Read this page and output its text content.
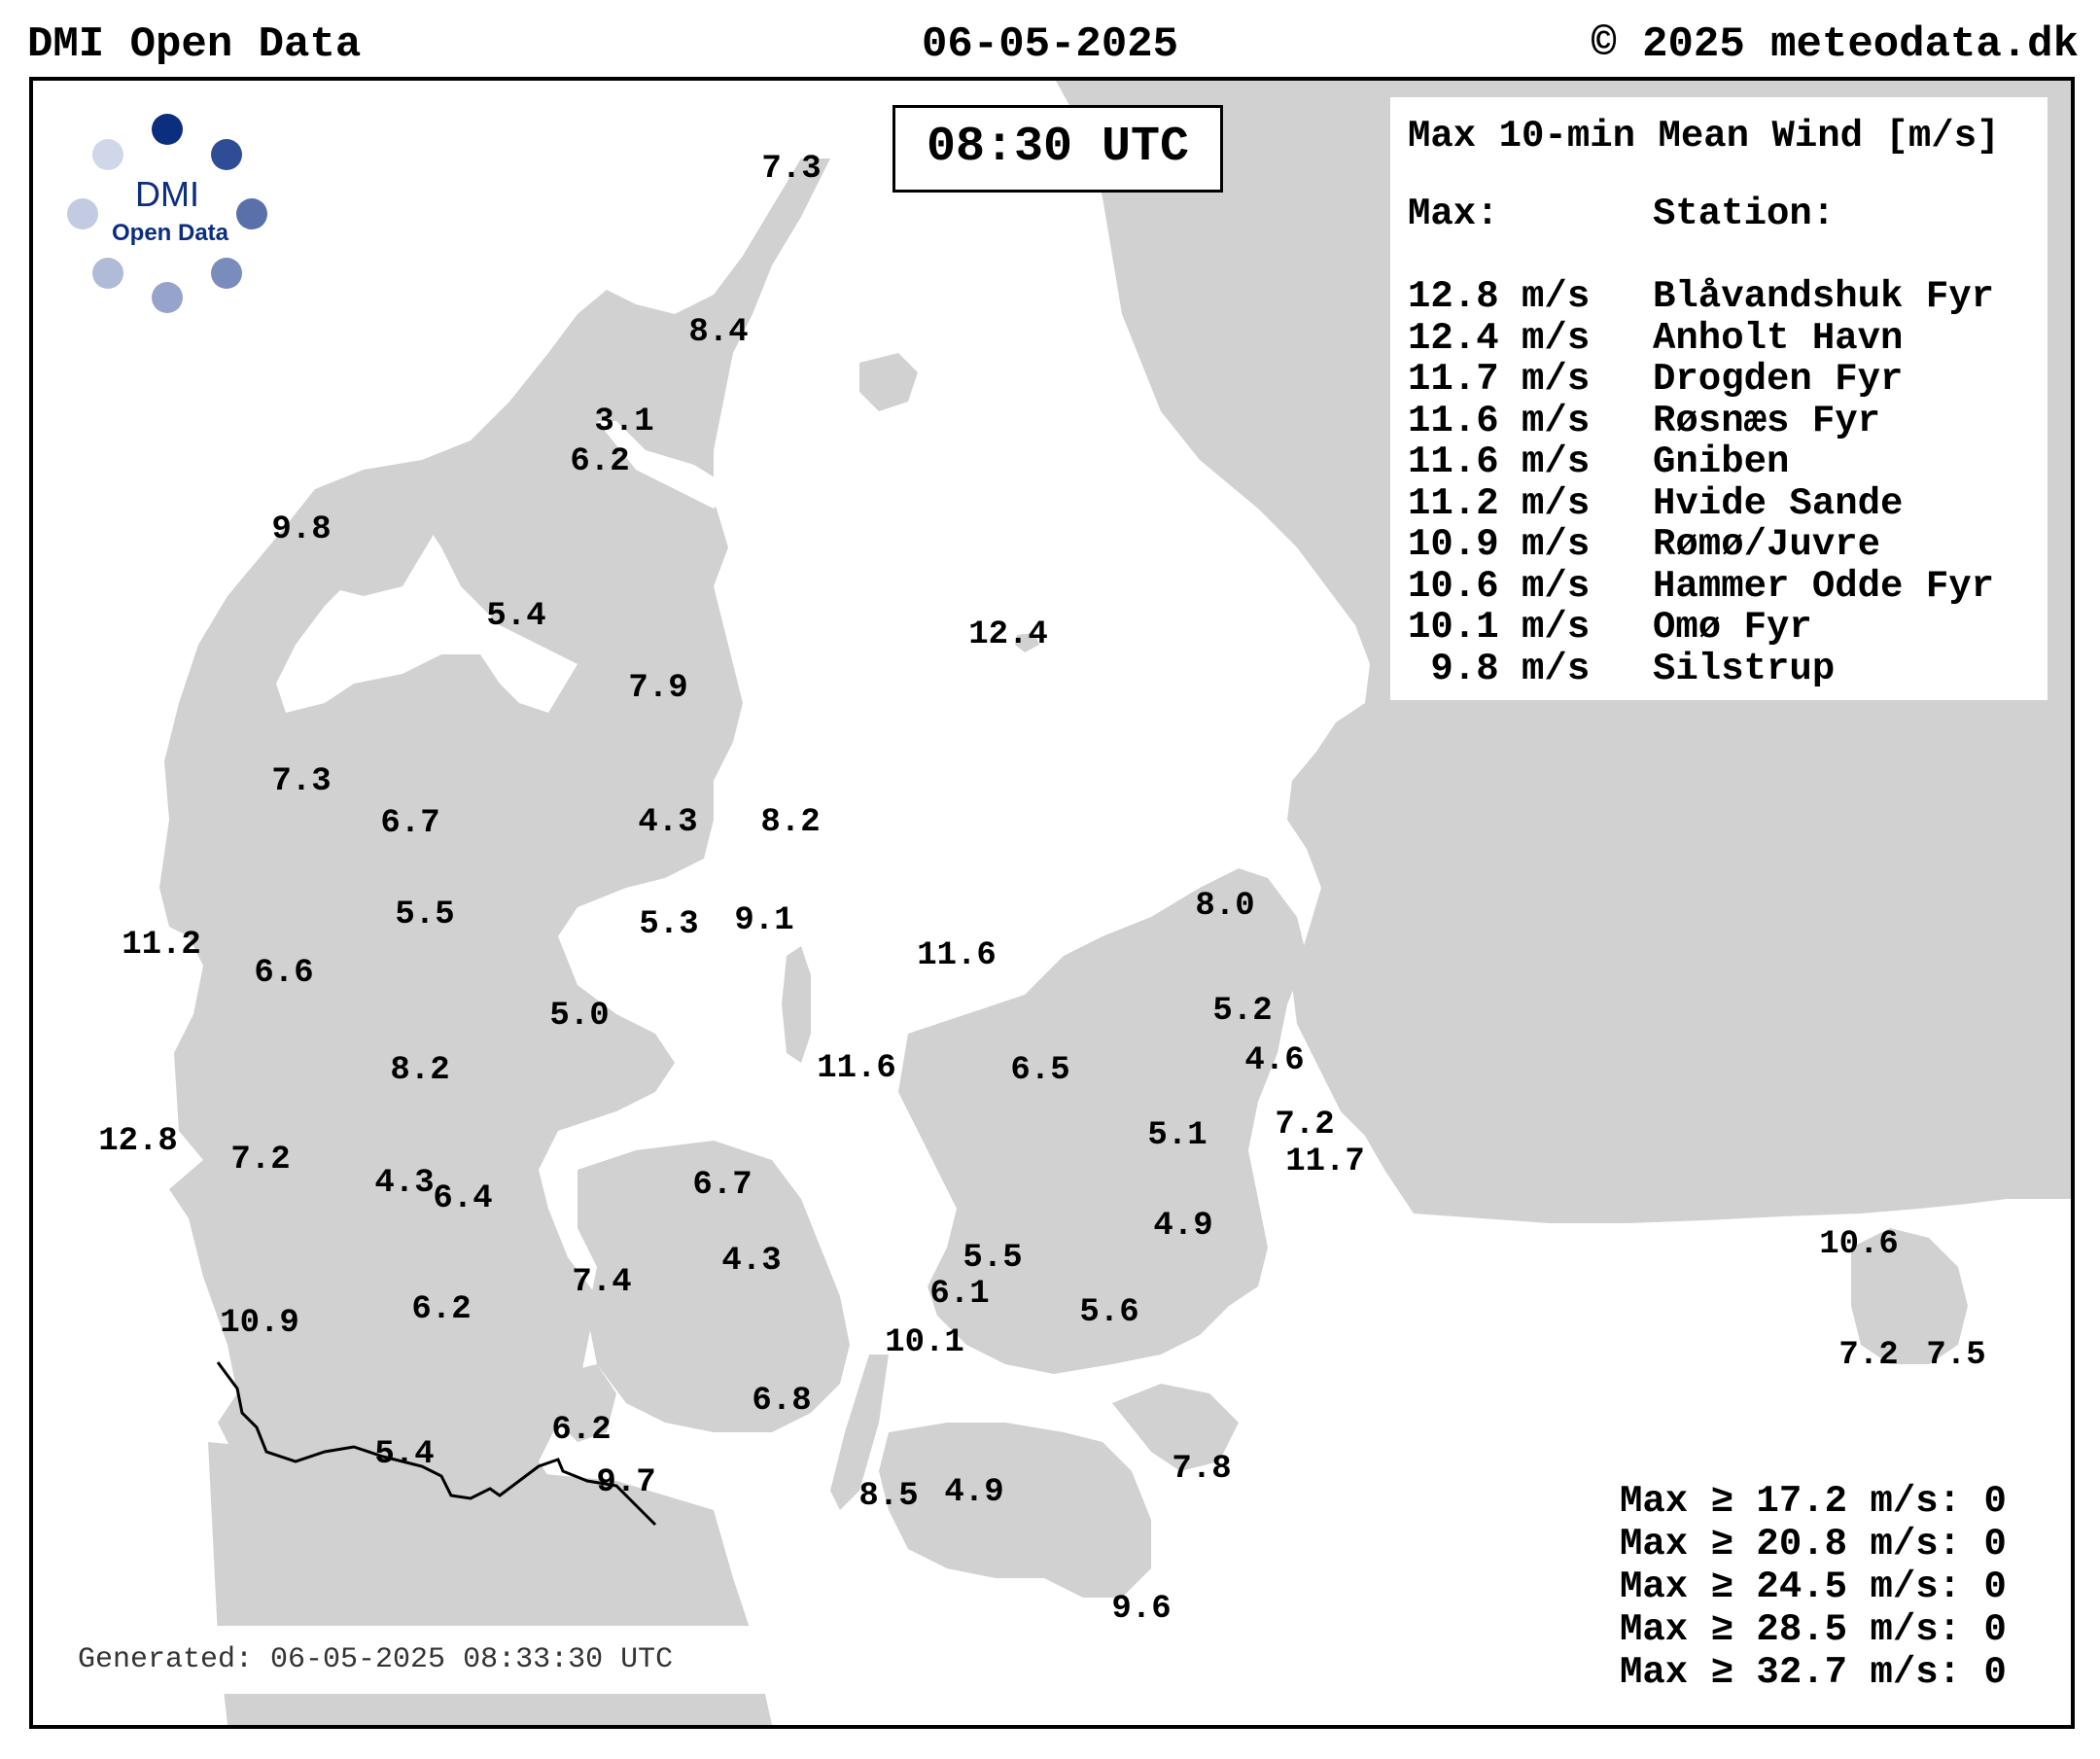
DMI Open Data	06-05-2025	© 2025 meteodata.dk
DMI
Open Data
08:30 UTC	Max 10-min Mean Wind [m/s]
Max:	Station:
12.8 m/s Blåvandshuk Fyr
12.4 m/s Anholt Havn
11.7 m/s Drogden Fyr
11.6 m/s Røsnæs Fyr
11.6 m/s Gniben
11.2 m/s Hvide Sande
10.9 m/s Rømø/Juvre
10.6 m/s Hammer Odde Fyr
10.1 m/s Omø Fyr
9.8 m/s Silstrup
Max ≥ 17.2 m/s: 0
Max ≥ 20.8 m/s: 0
Max ≥ 24.5 m/s: 0
Max ≥ 28.5 m/s: 0
Max ≥ 32.7 m/s: 0
Generated: 06-05-2025 08:33:30 UTC
7.3
8.4
3.1
6.2
9.8
5.4	12.4
7.9
7.3
6.7	4.3 8.2
8.0
11.2
5.5	5.3 9.1
6.6	11.6
5.2
5.0
4.6
8.2	11.6	6.5
7.2
12.8 7.2
5.1
11.7
4.3
6.4	6.7
4.9	10.6
5.5
4.3
7.4	6.1
10.9	6.2	5.6
10.1	7.2 7.5
6.8
6.2
5.4
9.7	7.8
8.5 4.9
9.6
